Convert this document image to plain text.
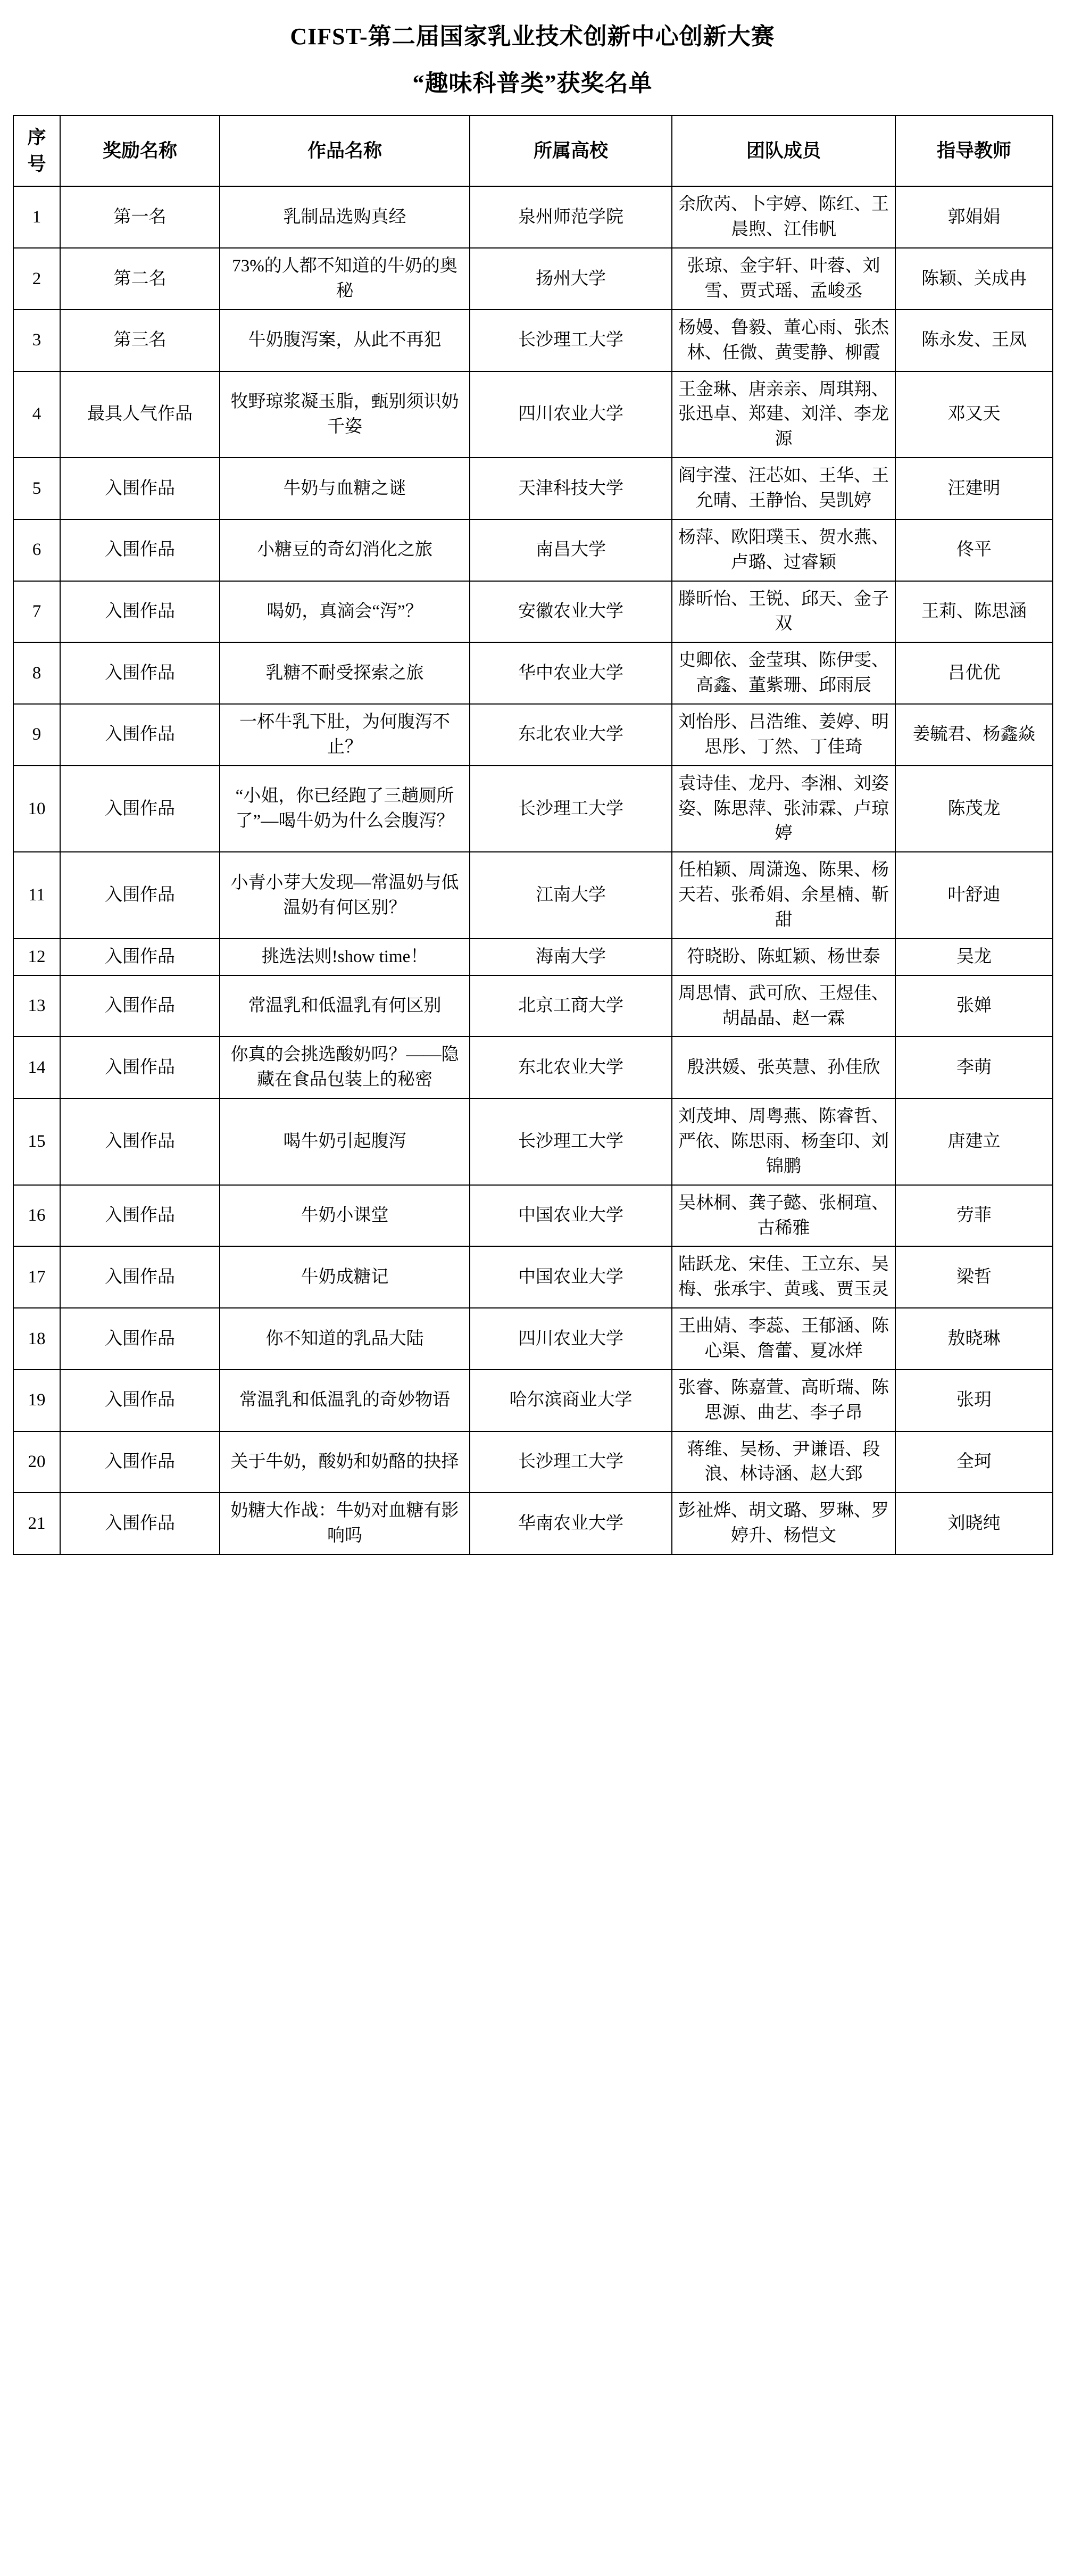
CIFST-第二届国家乳业技术创新中心创新大赛
“趣味科普类”获奖名单
序
号	奖励名称	作品名称	所属高校	团队成员	指导教师
1	第一名	乳制品选购真经	泉州师范学院	余欣芮、卜宇婷、陈红、王晨煦、江伟帆	郭娟娟
2	第二名	73%的人都不知道的牛奶的奥秘	扬州大学	张琼、金宇轩、叶蓉、刘雪、贾式瑶、孟峻丞	陈颖、关成冉
3	第三名	牛奶腹泻案，从此不再犯	长沙理工大学	杨嫚、鲁毅、董心雨、张杰林、任微、黄雯静、柳霞	陈永发、王凤
4	最具人气作品	牧野琼浆凝玉脂，甄别须识奶千姿	四川农业大学	王金琳、唐亲亲、周琪翔、张迅卓、郑建、刘洋、李龙源	邓又天
5	入围作品	牛奶与血糖之谜	天津科技大学	阎宇滢、汪芯如、王华、王允晴、王静怡、吴凯婷	汪建明
6	入围作品	小糖豆的奇幻消化之旅	南昌大学	杨萍、欧阳璞玉、贺水燕、卢璐、过睿颖	佟平
7	入围作品	喝奶，真滴会“泻”？	安徽农业大学	滕昕怡、王锐、邱天、金子双	王莉、陈思涵
8	入围作品	乳糖不耐受探索之旅	华中农业大学	史卿依、金莹琪、陈伊雯、高鑫、董紫珊、邱雨辰	吕优优
9	入围作品	一杯牛乳下肚，为何腹泻不止？	东北农业大学	刘怡彤、吕浩维、姜婷、明思彤、丁然、丁佳琦	姜毓君、杨鑫焱
10	入围作品	“小姐，你已经跑了三趟厕所了”—喝牛奶为什么会腹泻？	长沙理工大学	袁诗佳、龙丹、李湘、刘姿姿、陈思萍、张沛霖、卢琼婷	陈茂龙
11	入围作品	小青小芽大发现—常温奶与低温奶有何区别？	江南大学	任柏颖、周潇逸、陈果、杨天若、张希娟、余星楠、靳甜	叶舒迪
12	入围作品	挑选法则!show time！	海南大学	符晓盼、陈虹颖、杨世泰	吴龙
13	入围作品	常温乳和低温乳有何区别	北京工商大学	周思情、武可欣、王煜佳、胡晶晶、赵一霖	张婵
14	入围作品	你真的会挑选酸奶吗？——隐藏在食品包装上的秘密	东北农业大学	殷洪媛、张英慧、孙佳欣	李萌
15	入围作品	喝牛奶引起腹泻	长沙理工大学	刘茂坤、周粤燕、陈睿哲、严依、陈思雨、杨奎印、刘锦鹏	唐建立
16	入围作品	牛奶小课堂	中国农业大学	吴林桐、龚子懿、张桐瑄、古稀雅	劳菲
17	入围作品	牛奶成糖记	中国农业大学	陆跃龙、宋佳、王立东、吴梅、张承宇、黄彧、贾玉灵	梁哲
18	入围作品	你不知道的乳品大陆	四川农业大学	王曲婧、李蕊、王郁涵、陈心渠、詹蕾、夏冰烊	敖晓琳
19	入围作品	常温乳和低温乳的奇妙物语	哈尔滨商业大学	张睿、陈嘉萱、高昕瑞、陈思源、曲艺、李子昂	张玥
20	入围作品	关于牛奶，酸奶和奶酪的抉择	长沙理工大学	蒋维、吴杨、尹谦语、段浪、林诗涵、赵大郅	全珂
21	入围作品	奶糖大作战：牛奶对血糖有影响吗	华南农业大学	彭祉烨、胡文璐、罗琳、罗婷升、杨恺文	刘晓纯
